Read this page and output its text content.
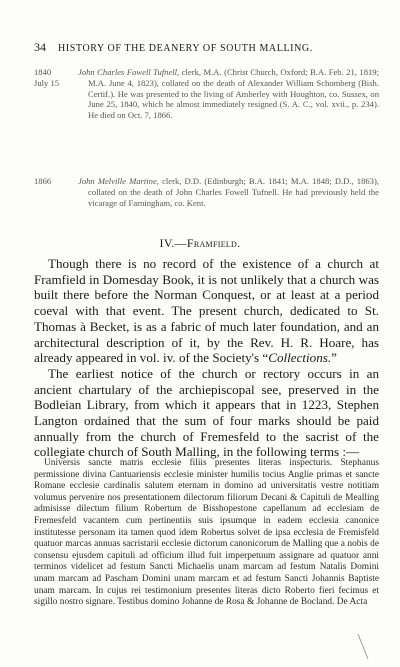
34 HISTORY OF THE DEANERY OF SOUTH MALLING.
1840
July 15
John Charles Fowell Tufnell, clerk, M.A. (Christ Church, Oxford; B.A. Feb. 21, 1819; M.A. June 4, 1823), collated on the death of Alexander William Schomberg (Bish. Certif.). He was presented to the living of Amberley with Houghton, co. Sussex, on June 25, 1840, which he almost immediately resigned (S. A. C., vol. xvii., p. 234). He died on Oct. 7, 1866.
1866	John Melville Martine, clerk, D.D. (Edinburgh; B.A. 1841; M.A. 1848; D.D., 1863), collated on the death of John Charles Fowell Tufnell. He had previously held the vicarage of Farningham, co. Kent.
IV.—Framfield.

Though there is no record of the existence of a church at Framfield in Domesday Book, it is not unlikely that a church was built there before the Norman Conquest, or at least at a period coeval with that event. The present church, dedicated to St. Thomas à Becket, is as a fabric of much later foundation, and an architectural description of it, by the Rev. H. R. Hoare, has already appeared in vol. iv. of the Society's “Collections.”

The earliest notice of the church or rectory occurs in an ancient chartulary of the archiepiscopal see, preserved in the Bodleian Library, from which it appears that in 1223, Stephen Langton ordained that the sum of four marks should be paid annually from the church of Fremesfeld to the sacrist of the collegiate church of South Malling, in the following terms :—

Universis sancte matris ecclesie filiis presentes literas inspecturis. Stephanus permissione divina Cantuariensis ecclesie minister humilis tocius Anglie primas et sancte Romane ecclesie cardinalis salutem eternam in domino ad universitatis vestre notitiam volumus pervenire nos presentationem dilectorum filiorum Decani & Capituli de Mealling admisisse dilectum filium Robertum de Bisshopestone capellanum ad ecclesiam de Fremesfeld vacantem cum pertinentiis suis ipsumque in eadem ecclesia canonice institutesse personam ita tamen quod idem Robertus solvet de ipsa ecclesia de Fremisfeld quatuor marcas annuas sacristarii ecclesie dictorum canonicorum de Malling que a nobis de consensu ejusdem capituli ad officium illud fuit imperpetuum assignare ad quatuor anni terminos videlicet ad festum Sancti Michaelis unam marcam ad festum Natalis Domini unam marcam ad Pascham Domini unam marcam et ad festum Sancti Johannis Baptiste unam marcam. In cujus rei testimonium presentes literas dicto Roberto fieri fecimus et sigillo nostro signare. Testibus domino Johanne de Rosa & Johanne de Bocland. De Acta
